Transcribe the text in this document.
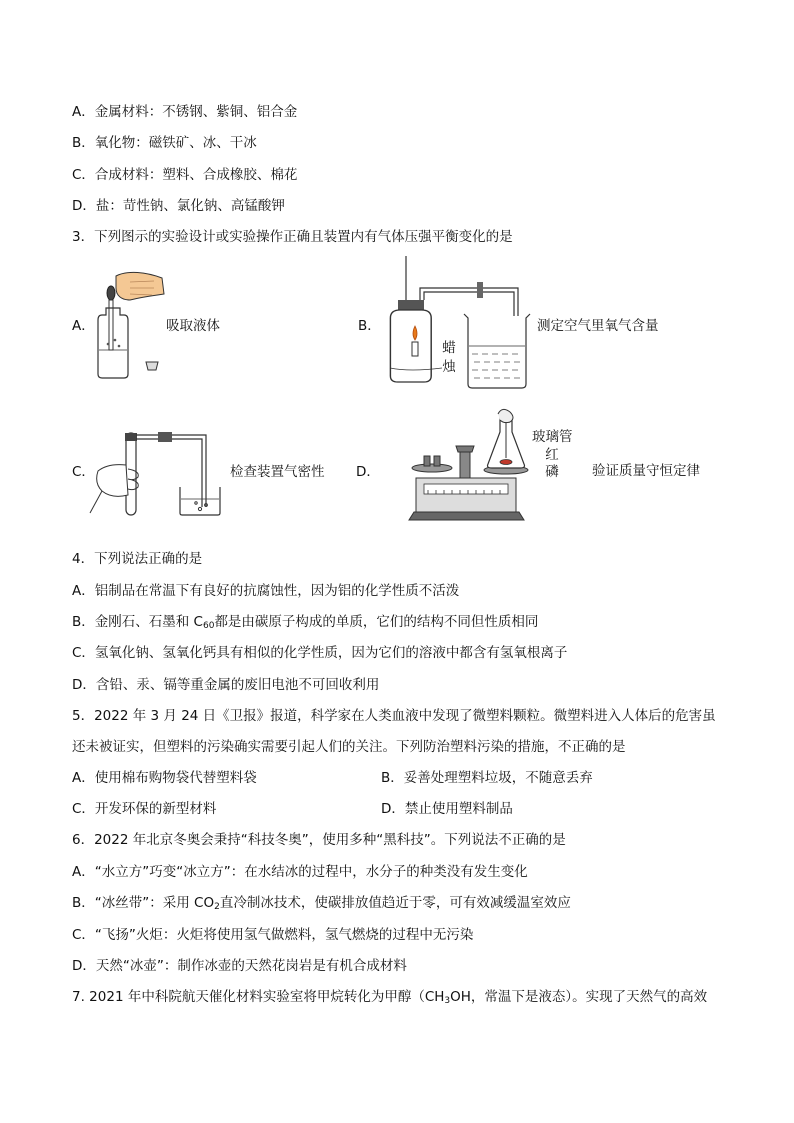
A．金属材料：不锈钢、紫铜、铝合金
B．氧化物：磁铁矿、冰、干冰
C．合成材料：塑料、合成橡胶、棉花
D．盐：苛性钠、氯化钠、高锰酸钾
3．下列图示的实验设计或实验操作正确且装置内有气体压强平衡变化的是
A．	吸取液体	B．
蜡
烛
测定空气里氧气含量
C．	检查装置气密性 D．
玻璃管
红
磷 验证质量守恒定律
4．下列说法正确的是
A．铝制品在常温下有良好的抗腐蚀性，因为铝的化学性质不活泼
B．金刚石、石墨和 $C_{60}$都是由碳原子构成的单质，它们的结构不同但性质相同
C．氢氧化钠、氢氧化钙具有相似的化学性质，因为它们的溶液中都含有氢氧根离子
D．含铅、汞、镉等重金属的废旧电池不可回收利用
5．2022 年 3 月 24 日《卫报》报道，科学家在人类血液中发现了微塑料颗粒。微塑料进入人体后的危害虽
还未被证实，但塑料的污染确实需要引起人们的关注。下列防治塑料污染的措施，不正确的是
A．使用棉布购物袋代替塑料袋	B．妥善处理塑料垃圾，不随意丢弃
C．开发环保的新型材料	D．禁止使用塑料制品
6．2022 年北京冬奥会秉持“科技冬奥”，使用多种“黑科技”。下列说法不正确的是
A．“水立方”巧变“冰立方”：在水结冰的过程中，水分子的种类没有发生变化
B．“冰丝带”：采用 $CO_2$直冷制冰技术，使碳排放值趋近于零，可有效减缓温室效应
C．“飞扬”火炬：火炬将使用氢气做燃料，氢气燃烧的过程中无污染
D．天然“冰壶”：制作冰壶的天然花岗岩是有机合成材料
7. 2021 年中科院航天催化材料实验室将甲烷转化为甲醇（$CH_3OH$，常温下是液态）。实现了天然气的高效
